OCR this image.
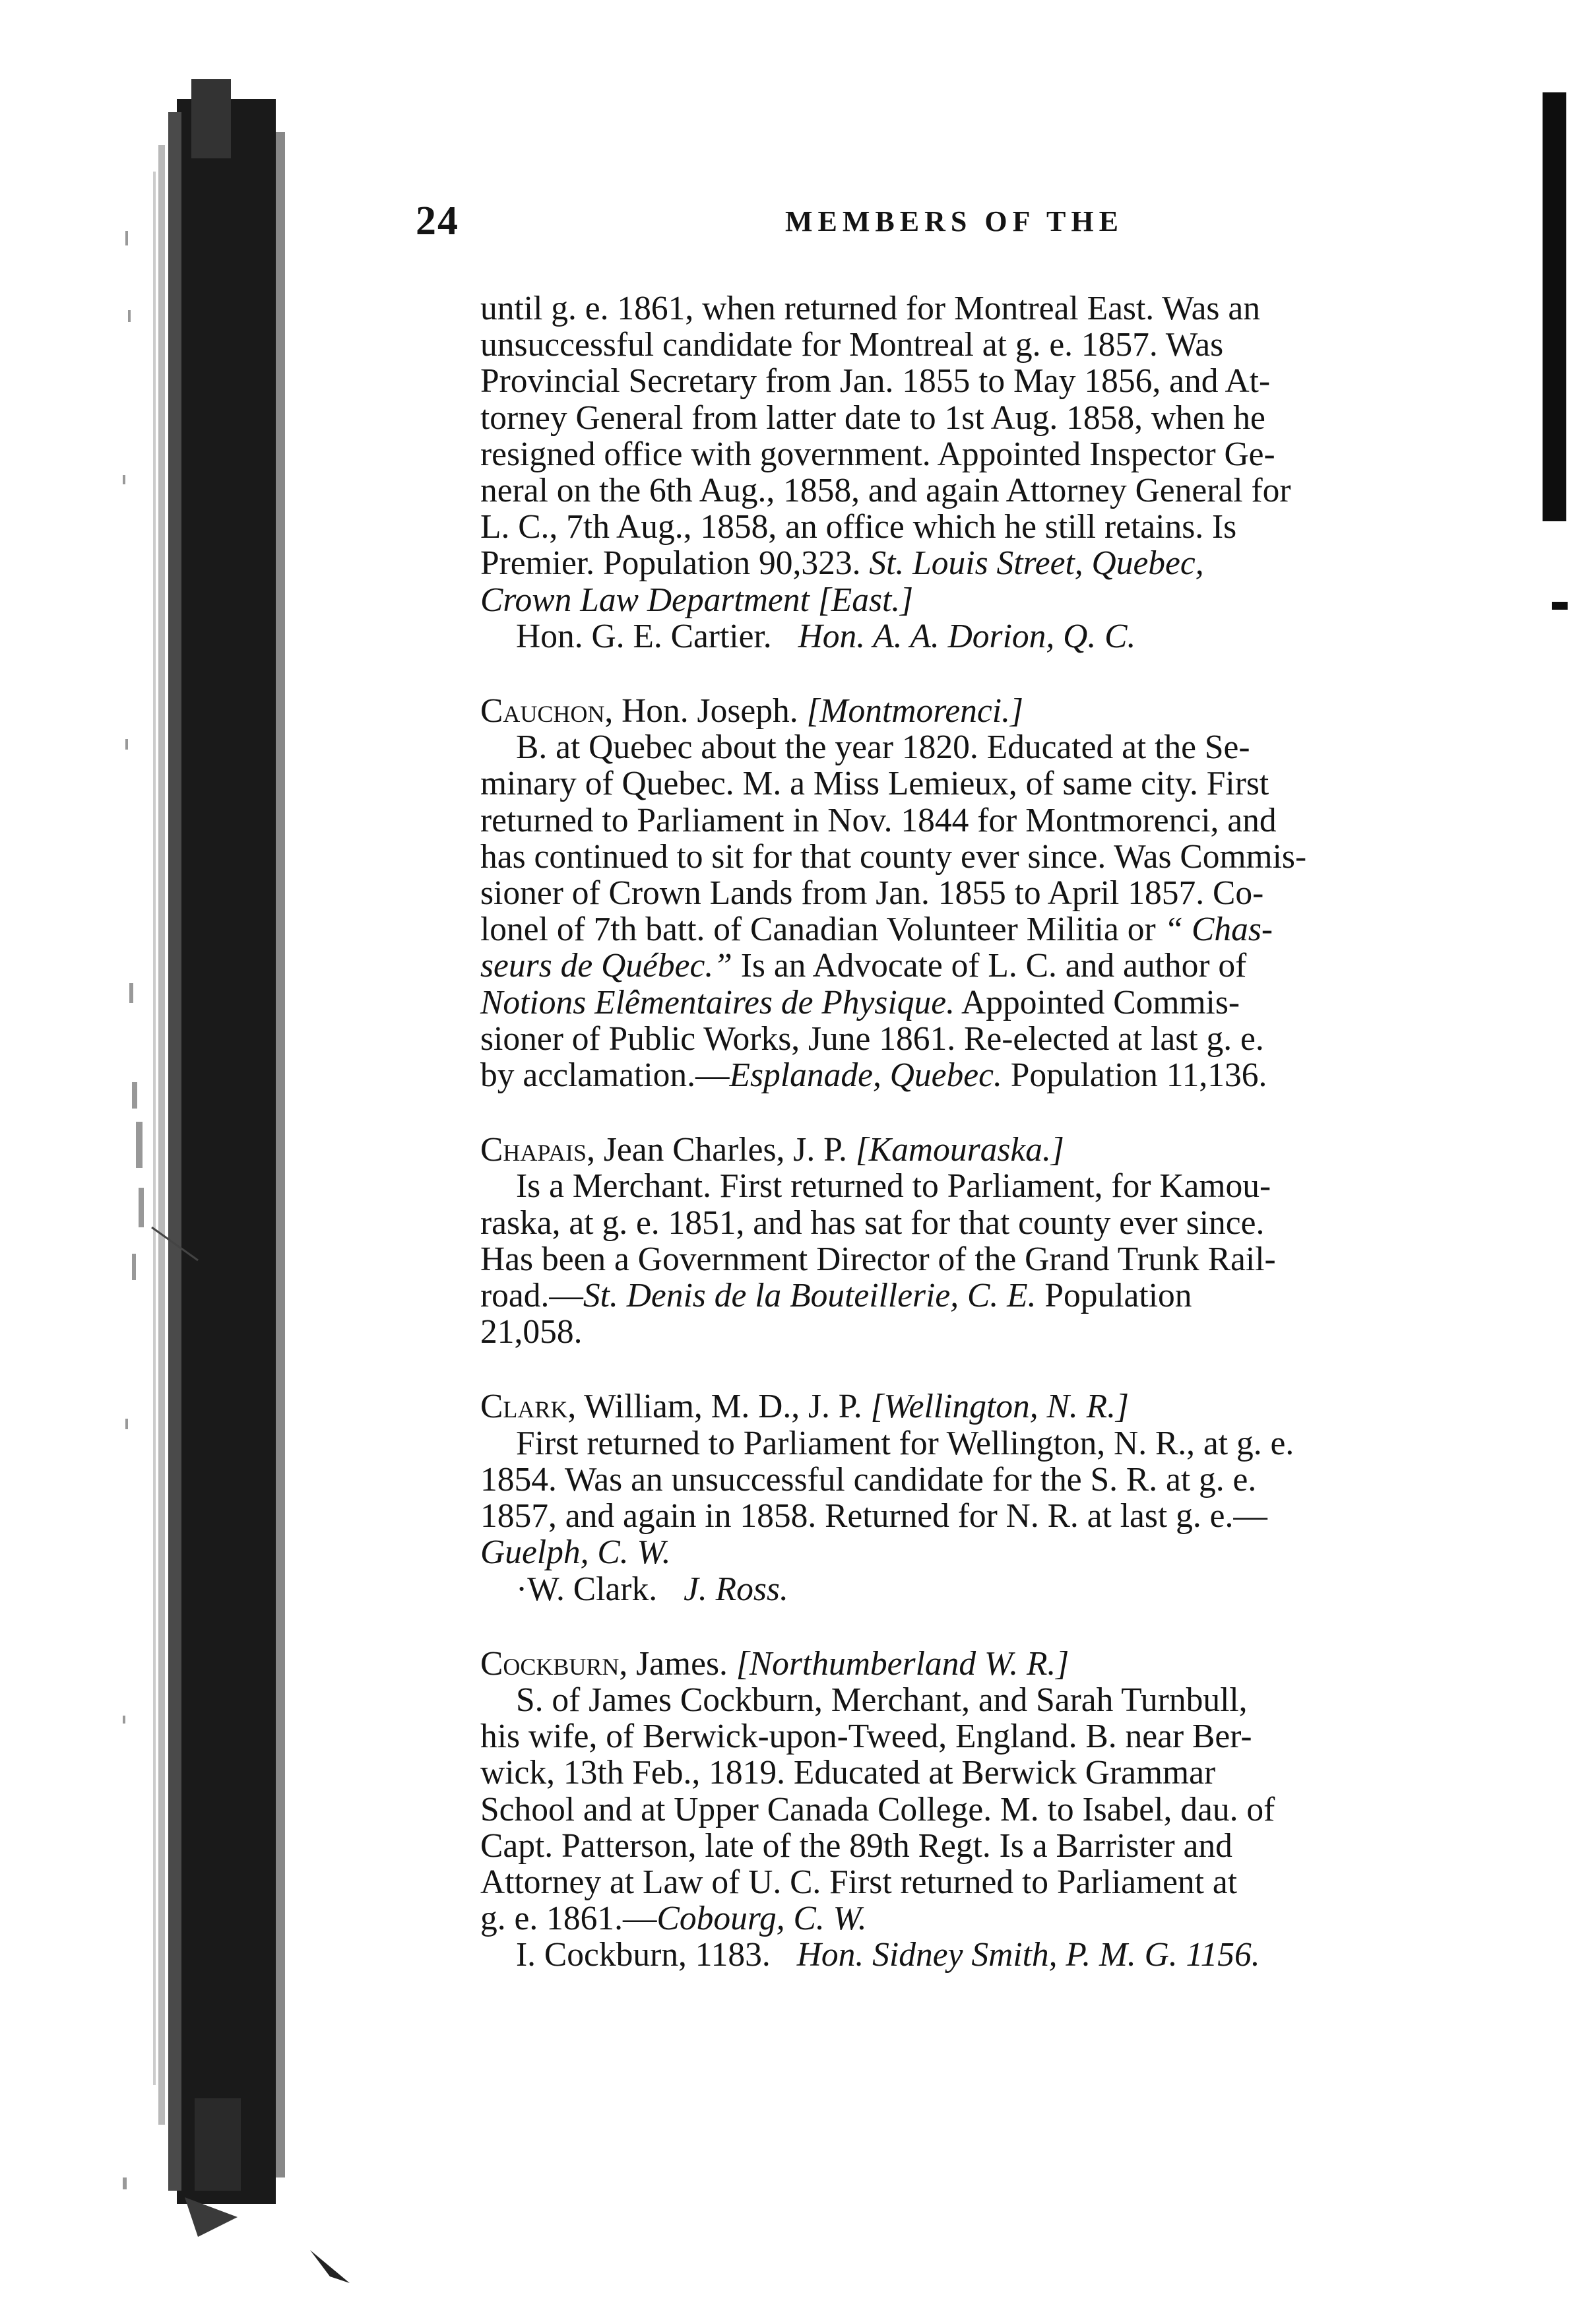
24	MEMBERS OF THE

until g. e. 1861, when returned for Montreal East. Was an

unsuccessful candidate for Montreal at g. e. 1857. Was

Provincial Secretary from Jan. 1855 to May 1856, and At-

torney General from latter date to 1st Aug. 1858, when he

resigned office with government. Appointed Inspector Ge-

neral on the 6th Aug., 1858, and again Attorney General for

L. C., 7th Aug., 1858, an office which he still retains. Is

Premier. Population 90,323. St. Louis Street, Quebec,

Crown Law Department [East.]

Hon. G. E. Cartier. Hon. A. A. Dorion, Q. C.

Cauchon, Hon. Joseph. [Montmorenci.]

B. at Quebec about the year 1820. Educated at the Se-

minary of Quebec. M. a Miss Lemieux, of same city. First

returned to Parliament in Nov. 1844 for Montmorenci, and

has continued to sit for that county ever since. Was Commis-

sioner of Crown Lands from Jan. 1855 to April 1857. Co-

lonel of 7th batt. of Canadian Volunteer Militia or “ Chas-

seurs de Québec.” Is an Advocate of L. C. and author of

Notions Elêmentaires de Physique. Appointed Commis-

sioner of Public Works, June 1861. Re-elected at last g. e.

by acclamation.—Esplanade, Quebec. Population 11,136.

Chapais, Jean Charles, J. P. [Kamouraska.]

Is a Merchant. First returned to Parliament, for Kamou-

raska, at g. e. 1851, and has sat for that county ever since.

Has been a Government Director of the Grand Trunk Rail-

road.—St. Denis de la Bouteillerie, C. E. Population

21,058.

Clark, William, M. D., J. P. [Wellington, N. R.]

First returned to Parliament for Wellington, N. R., at g. e.

1854. Was an unsuccessful candidate for the S. R. at g. e.

1857, and again in 1858. Returned for N. R. at last g. e.—

Guelph, C. W.

·W. Clark. J. Ross.

Cockburn, James. [Northumberland W. R.]

S. of James Cockburn, Merchant, and Sarah Turnbull,

his wife, of Berwick-upon-Tweed, England. B. near Ber-

wick, 13th Feb., 1819. Educated at Berwick Grammar

School and at Upper Canada College. M. to Isabel, dau. of

Capt. Patterson, late of the 89th Regt. Is a Barrister and

Attorney at Law of U. C. First returned to Parliament at

g. e. 1861.—Cobourg, C. W.

I. Cockburn, 1183. Hon. Sidney Smith, P. M. G. 1156.
